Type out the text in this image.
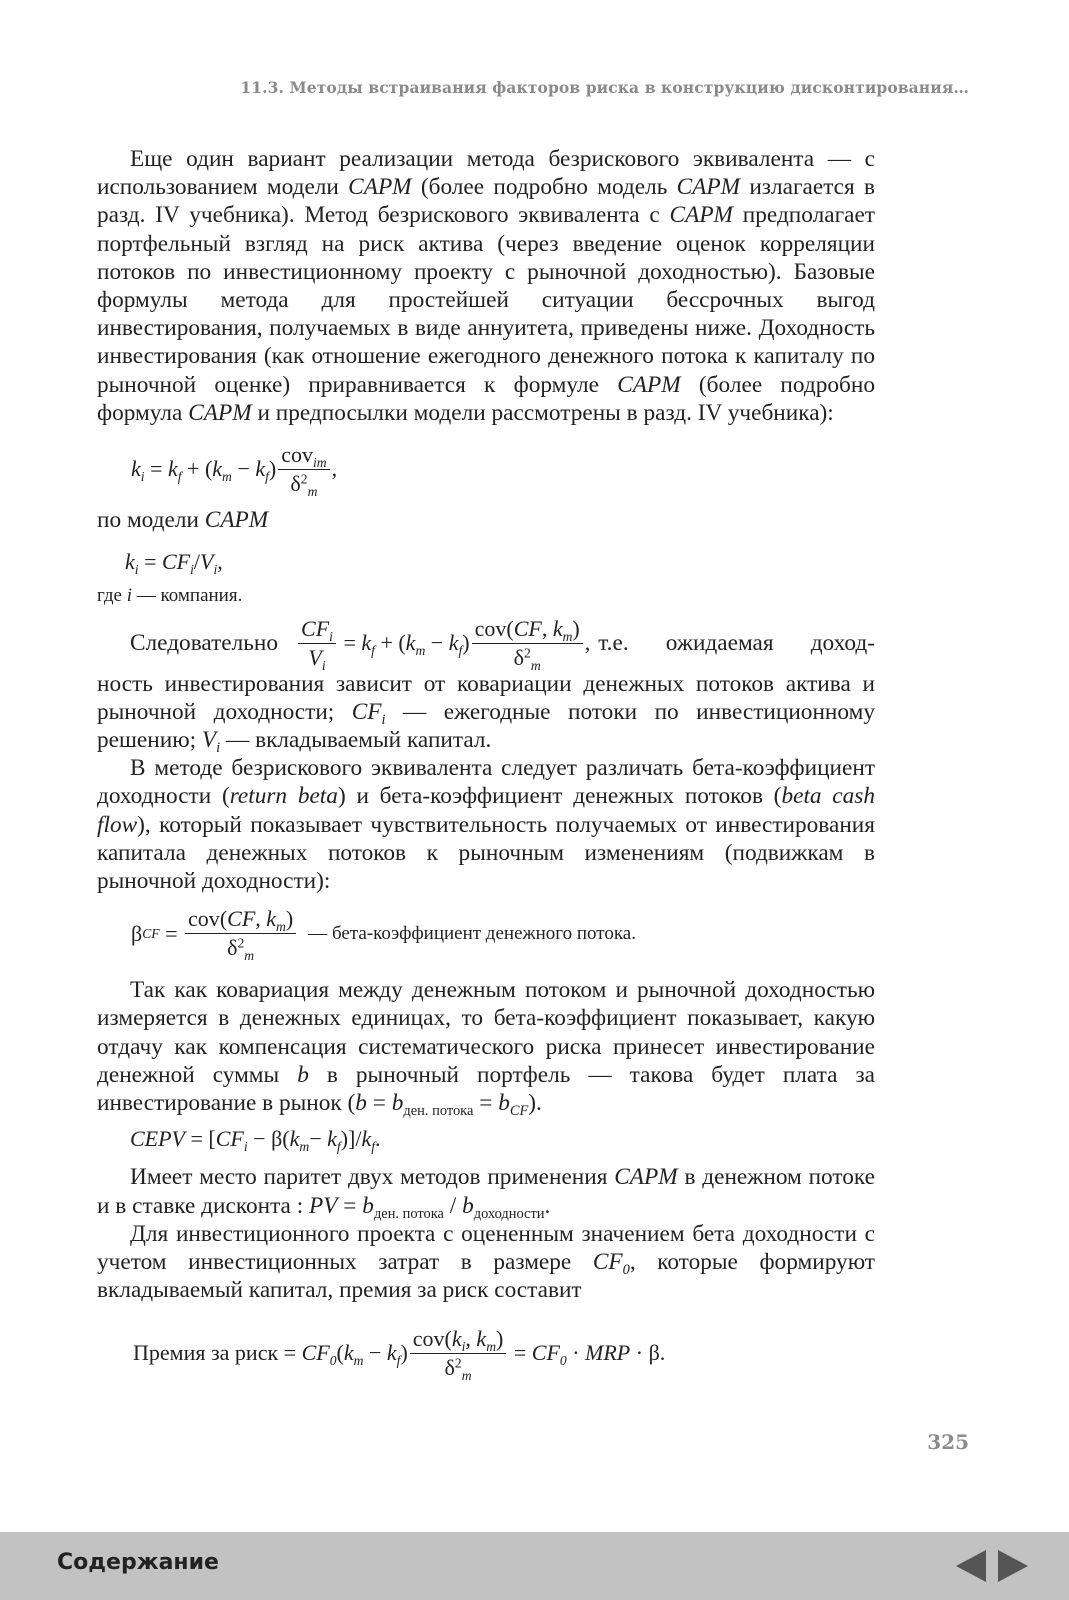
11.3. Методы встраивания факторов риска в конструкцию дисконтирования…

Еще один вариант реализации метода безрискового эквивалента — с использованием модели CAPM (более подробно модель CAPM излагается в разд. IV учебника). Метод безрискового эквивалента с CAPM предполагает портфельный взгляд на риск актива (через введение оценок корреляции потоков по инвестиционному проекту с рыночной доходностью). Базовые формулы метода для простейшей ситуации бессрочных выгод инвестирования, получаемых в виде аннуитета, приведены ниже. Доходность инвестирования (как отношение ежегодного денежного потока к капиталу по рыночной оценке) приравнивается к формуле CAPM (более подробно формула CAPM и предпосылки модели рассмотрены в разд. IV учебника):

$k_i = k_f$ + ( $k_m - k_f$ ) $\frac{cov_{im}}{\delta^2_m}$ ,

по модели CAPM

$k_i = CF_i / V_i$ ,

где i — компания.

Следовательно $\frac{CF_i}{V_i} = k_f$ + ( $k_m - k_f$ ) $\frac{cov(CF, k_m)}{\delta^2_m}$ , т.е. ожидаемая доход-

ность инвестирования зависит от ковариации денежных потоков актива и рыночной доходности; $CF_i$ — ежегодные потоки по инвестиционному решению; $V_i$ — вкладываемый капитал.

В методе безрискового эквивалента следует различать бета-коэффициент доходности (return beta) и бета-коэффициент денежных потоков (beta cash flow), который показывает чувствительность получаемых от инвестирования капитала денежных потоков к рыночным изменениям (подвижкам в рыночной доходности):

β CF = $\frac{cov(CF, k_m)}{\delta^2_m}$ — бета-коэффициент денежного потока.

Так как ковариация между денежным потоком и рыночной доходностью измеряется в денежных единицах, то бета-коэффициент показывает, какую отдачу как компенсация систематического риска принесет инвестирование денежной суммы b в рыночный портфель — такова будет плата за инвестирование в рынок $(b = b_{ден. потока} = b_{CF})$.

CEPV = [ $CF_i - \beta$( $k_m - k_f$ )]/ $k_f$ .

Имеет место паритет двух методов применения CAPM в денежном потоке и в ставке дисконта : PV = $b_{ден. потока} / b_{доходности}$.

Для инвестиционного проекта с оцененным значением бета доходности с учетом инвестиционных затрат в размере $CF_0$, которые формируют вкладываемый капитал, премия за риск составит

Премия за риск = $CF_0$ ( $k_m - k_f$ ) $\frac{cov(k_i, k_m)}{\delta^2_m} = CF_0$ · MRP · β.
325
Содержание
